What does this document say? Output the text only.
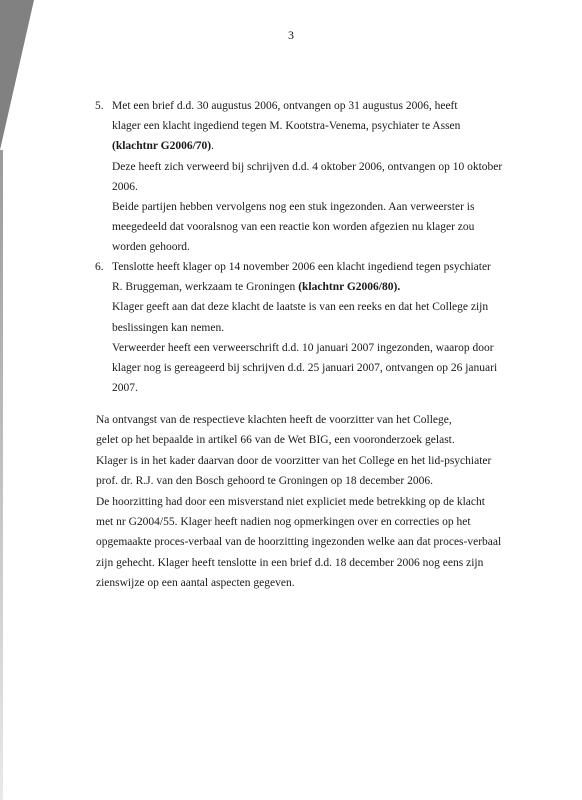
3
5. Met een brief d.d. 30 augustus 2006, ontvangen op 31 augustus 2006, heeft

klager een klacht ingediend tegen M. Kootstra-Venema, psychiater te Assen

(klachtnr G2006/70).

Deze heeft zich verweerd bij schrijven d.d. 4 oktober 2006, ontvangen op 10 oktober

2006.

Beide partijen hebben vervolgens nog een stuk ingezonden. Aan verweerster is

meegedeeld dat vooralsnog van een reactie kon worden afgezien nu klager zou

worden gehoord.

6. Tenslotte heeft klager op 14 november 2006 een klacht ingediend tegen psychiater

R. Bruggeman, werkzaam te Groningen (klachtnr G2006/80).

Klager geeft aan dat deze klacht de laatste is van een reeks en dat het College zijn

beslissingen kan nemen.

Verweerder heeft een verweerschrift d.d. 10 januari 2007 ingezonden, waarop door

klager nog is gereageerd bij schrijven d.d. 25 januari 2007, ontvangen op 26 januari

2007.

Na ontvangst van de respectieve klachten heeft de voorzitter van het College,

gelet op het bepaalde in artikel 66 van de Wet BIG, een vooronderzoek gelast.

Klager is in het kader daarvan door de voorzitter van het College en het lid-psychiater

prof. dr. R.J. van den Bosch gehoord te Groningen op 18 december 2006.

De hoorzitting had door een misverstand niet expliciet mede betrekking op de klacht

met nr G2004/55. Klager heeft nadien nog opmerkingen over en correcties op het

opgemaakte proces-verbaal van de hoorzitting ingezonden welke aan dat proces-verbaal

zijn gehecht. Klager heeft tenslotte in een brief d.d. 18 december 2006 nog eens zijn

zienswijze op een aantal aspecten gegeven.
